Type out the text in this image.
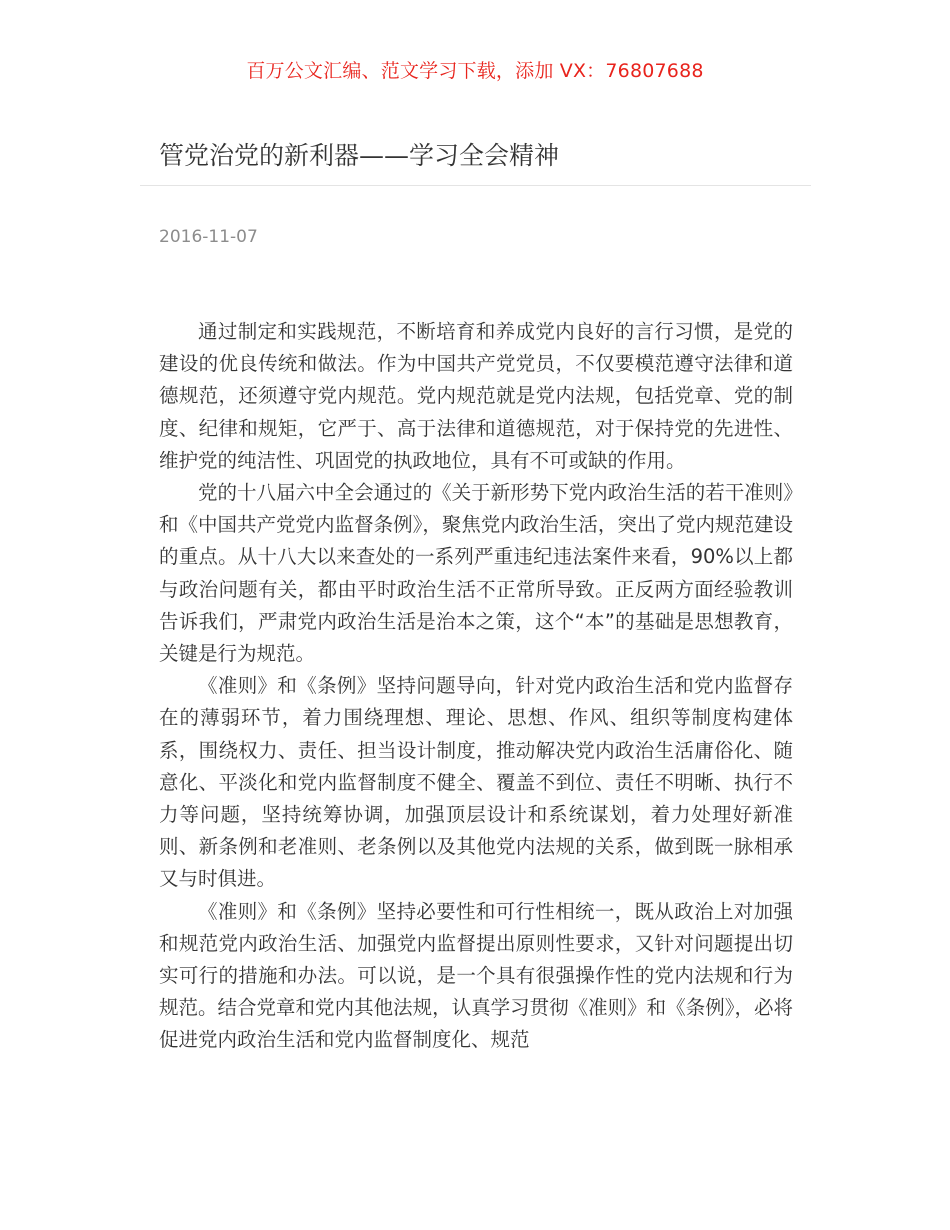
百万公文汇编、范文学习下载，添加 VX：76807688
管党治党的新利器——学习全会精神
2016-11-07

通过制定和实践规范，不断培育和养成党内良好的言行习惯，是党的建设的优良传统和做法。作为中国共产党党员，不仅要模范遵守法律和道德规范，还须遵守党内规范。党内规范就是党内法规，包括党章、党的制度、纪律和规矩，它严于、高于法律和道德规范，对于保持党的先进性、维护党的纯洁性、巩固党的执政地位，具有不可或缺的作用。

党的十八届六中全会通过的《关于新形势下党内政治生活的若干准则》和《中国共产党党内监督条例》，聚焦党内政治生活，突出了党内规范建设的重点。从十八大以来查处的一系列严重违纪违法案件来看，90%以上都与政治问题有关，都由平时政治生活不正常所导致。正反两方面经验教训告诉我们，严肃党内政治生活是治本之策，这个“本”的基础是思想教育，关键是行为规范。

《准则》和《条例》坚持问题导向，针对党内政治生活和党内监督存在的薄弱环节，着力围绕理想、理论、思想、作风、组织等制度构建体系，围绕权力、责任、担当设计制度，推动解决党内政治生活庸俗化、随意化、平淡化和党内监督制度不健全、覆盖不到位、责任不明晰、执行不力等问题，坚持统筹协调，加强顶层设计和系统谋划，着力处理好新准则、新条例和老准则、老条例以及其他党内法规的关系，做到既一脉相承又与时俱进。

《准则》和《条例》坚持必要性和可行性相统一，既从政治上对加强和规范党内政治生活、加强党内监督提出原则性要求，又针对问题提出切实可行的措施和办法。可以说，是一个具有很强操作性的党内法规和行为规范。结合党章和党内其他法规，认真学习贯彻《准则》和《条例》，必将促进党内政治生活和党内监督制度化、规范
